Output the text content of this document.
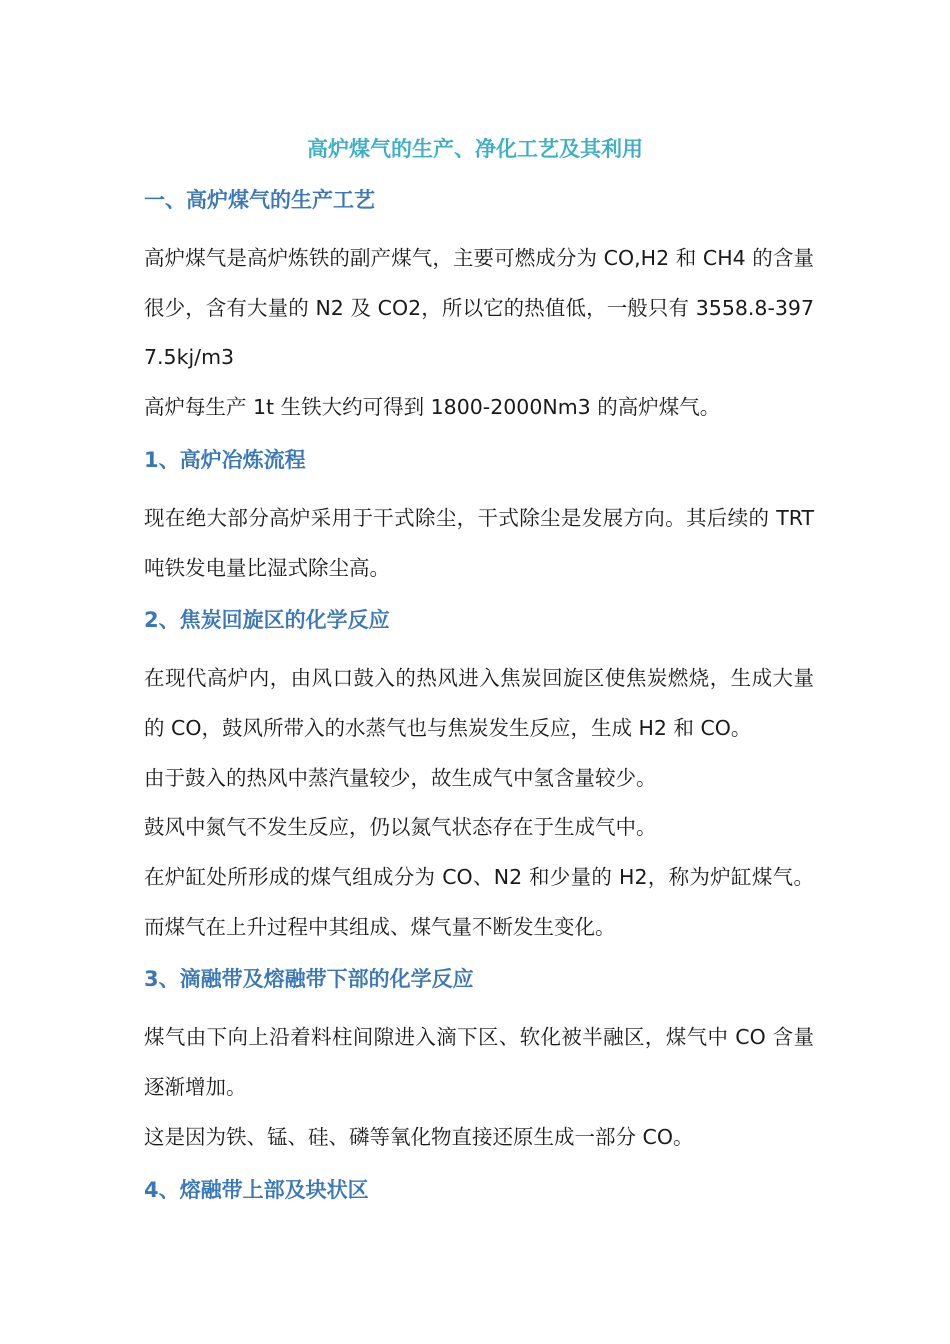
高炉煤气的生产、净化工艺及其利用
一、高炉煤气的生产工艺

高炉煤气是高炉炼铁的副产煤气，主要可燃成分为 CO,H2 和 CH4 的含量很少，含有大量的 N2 及 CO2，所以它的热值低，一般只有 3558.8-3977.5kj/m3

高炉每生产 1t 生铁大约可得到 1800-2000Nm3 的高炉煤气。

1、高炉冶炼流程

现在绝大部分高炉采用于干式除尘，干式除尘是发展方向。其后续的 TRT 吨铁发电量比湿式除尘高。

2、焦炭回旋区的化学反应

在现代高炉内，由风口鼓入的热风进入焦炭回旋区使焦炭燃烧，生成大量的 CO，鼓风所带入的水蒸气也与焦炭发生反应，生成 H2 和 CO。

由于鼓入的热风中蒸汽量较少，故生成气中氢含量较少。

鼓风中氮气不发生反应，仍以氮气状态存在于生成气中。

在炉缸处所形成的煤气组成分为 CO、N2 和少量的 H2，称为炉缸煤气。而煤气在上升过程中其组成、煤气量不断发生变化。

3、滴融带及熔融带下部的化学反应

煤气由下向上沿着料柱间隙进入滴下区、软化被半融区，煤气中 CO 含量逐渐增加。

这是因为铁、锰、硅、磷等氧化物直接还原生成一部分 CO。

4、熔融带上部及块状区
